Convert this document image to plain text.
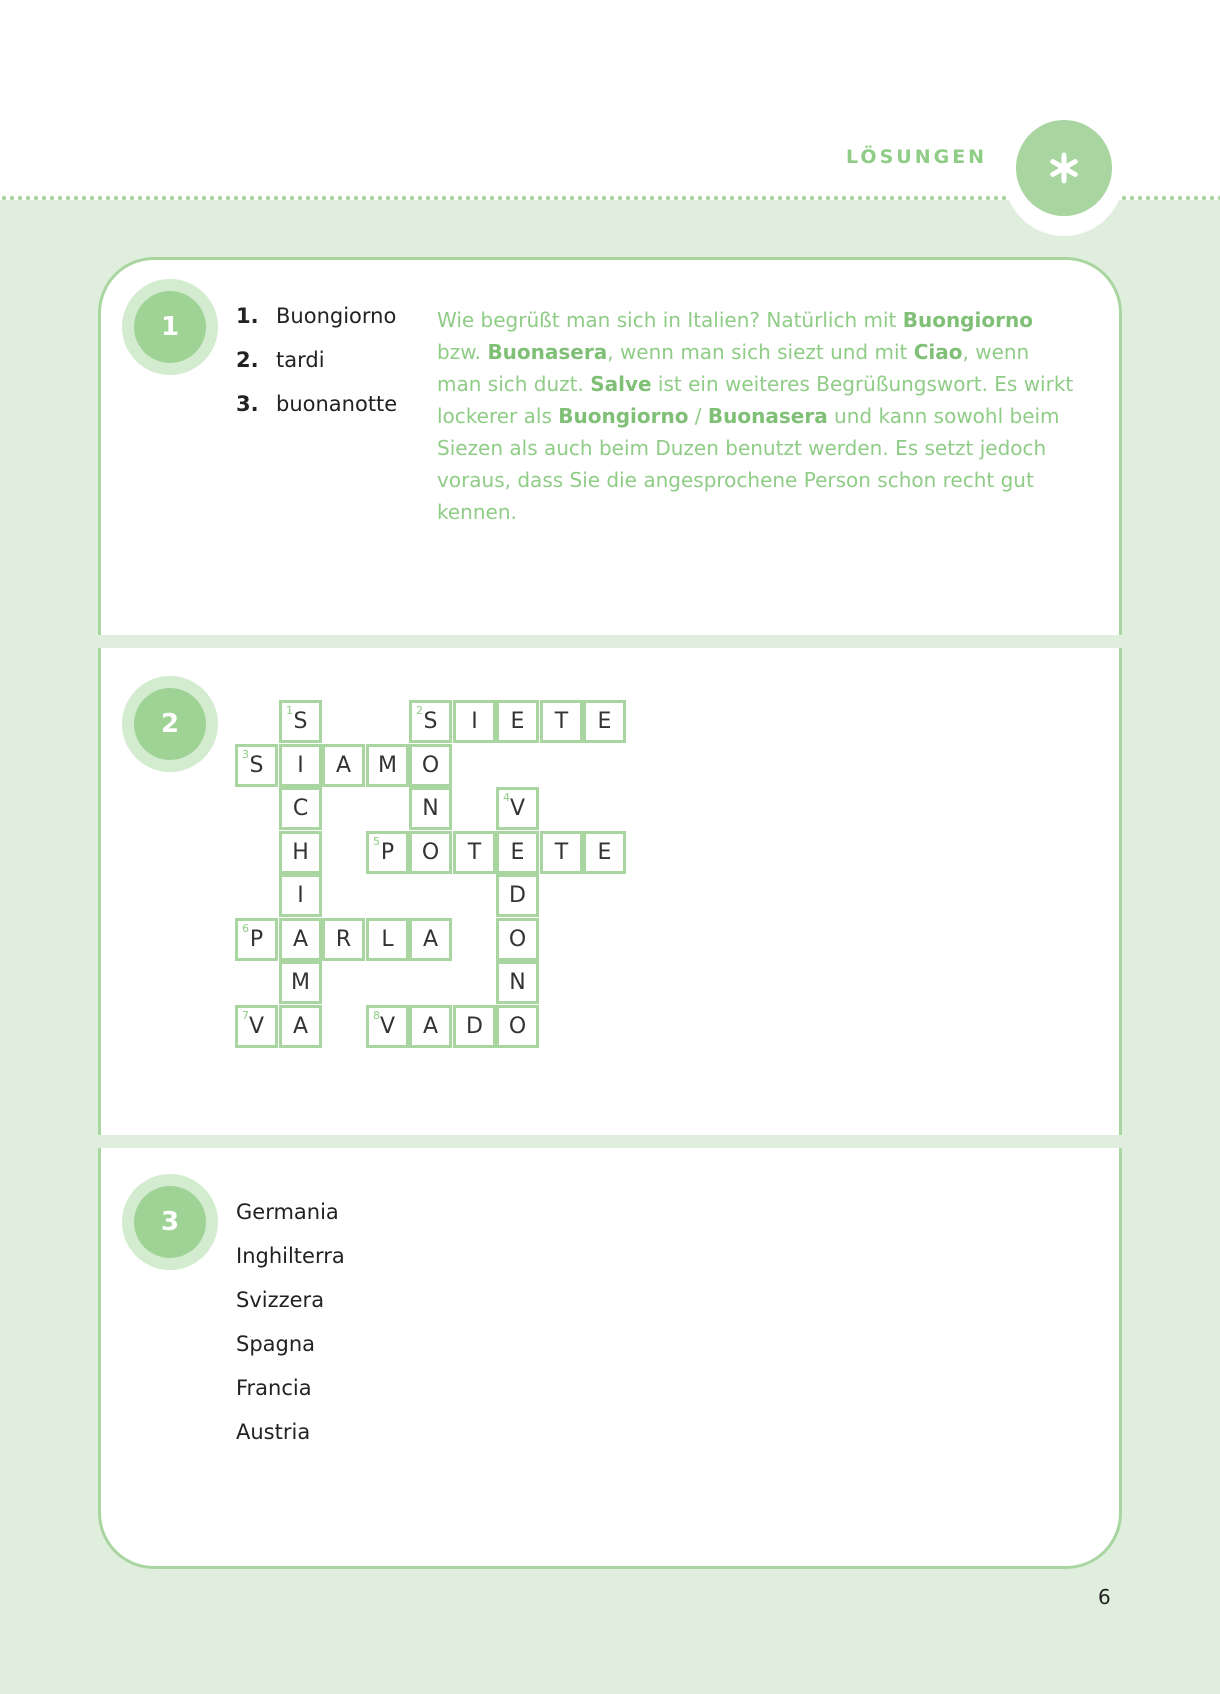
LÖSUNGEN
1	1. Buongiorno
2. tardi
3. buonanotte
Wie begrüßt man sich in Italien? Natürlich mit Buongiorno bzw. Buonasera, wenn man sich siezt und mit Ciao, wenn man sich duzt. Salve ist ein weiteres Begrüßungswort. Es wirkt lockerer als Buongiorno / Buonasera und kann sowohl beim Siezen als auch beim Duzen benutzt werden. Es setzt jedoch voraus, dass Sie die angesprochene Person schon recht gut kennen.
2	S
1	S
2 I E T E
S
3 I A M O
C	N	V
4
H	P
5 O T E T E
I	D
P
6 A R L A	O
M	N
V
7 A	V
8 A D O
3	Germania
Inghilterra
Svizzera
Spagna
Francia
Austria
6
